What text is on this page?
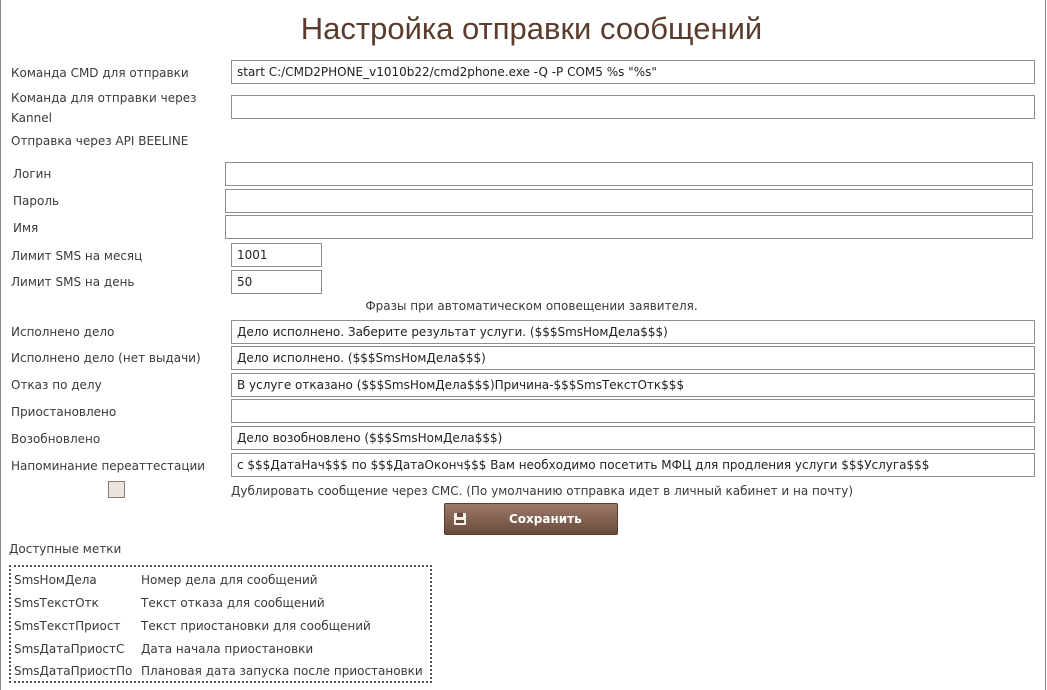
Настройка отправки сообщений
Команда CMD для отправки	start C:/CMD2PHONE_v1010b22/cmd2phone.exe -Q -P COM5 %s "%s"
Команда для отправки через
Kannel
Отправка через API BEELINE
Логин
Пароль
Имя
Лимит SMS на месяц	1001
Лимит SMS на день	50
Фразы при автоматическом оповещении заявителя.
Исполнено дело	Дело исполнено. Заберите результат услуги. ($$$SmsНомДела$$$)
Исполнено дело (нет выдачи)	Дело исполнено. ($$$SmsНомДела$$$)
Отказ по делу	В услуге отказано ($$$SmsНомДела$$$)Причина-$$$SmsТекстОтк$$$
Приостановлено
Возобновлено	Дело возобновлено ($$$SmsНомДела$$$)
Напоминание переаттестации	с $$$ДатаНач$$$ по $$$ДатаОконч$$$ Вам необходимо посетить МФЦ для продления услуги $$$Услуга$$$
Дублировать сообщение через СМС. (По умолчанию отправка идет в личный кабинет и на почту)
Сохранить
Доступные метки
SmsНомДела	Номер дела для сообщений
SmsТекстОтк	Текст отказа для сообщений
SmsТекстПриост	Текст приостановки для сообщений
SmsДатаПриостС	Дата начала приостановки
SmsДатаПриостПо Плановая дата запуска после приостановки
